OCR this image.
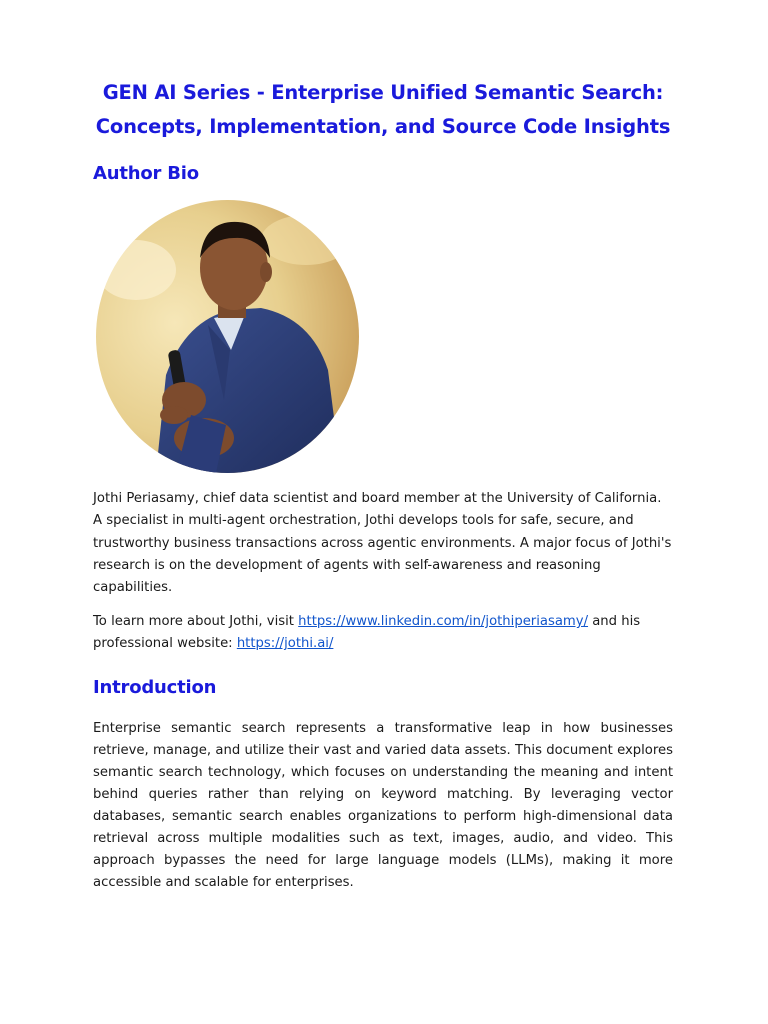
GEN AI Series - Enterprise Unified Semantic Search: Concepts, Implementation, and Source Code Insights
Author Bio

Jothi Periasamy, chief data scientist and board member at the University of California. A specialist in multi-agent orchestration, Jothi develops tools for safe, secure, and trustworthy business transactions across agentic environments. A major focus of Jothi's research is on the development of agents with self-awareness and reasoning capabilities.

To learn more about Jothi, visit https://www.linkedin.com/in/jothiperiasamy/ and his professional website: https://jothi.ai/

Introduction

Enterprise semantic search represents a transformative leap in how businesses retrieve, manage, and utilize their vast and varied data assets. This document explores semantic search technology, which focuses on understanding the meaning and intent behind queries rather than relying on keyword matching. By leveraging vector databases, semantic search enables organizations to perform high-dimensional data retrieval across multiple modalities such as text, images, audio, and video. This approach bypasses the need for large language models (LLMs), making it more accessible and scalable for enterprises.
